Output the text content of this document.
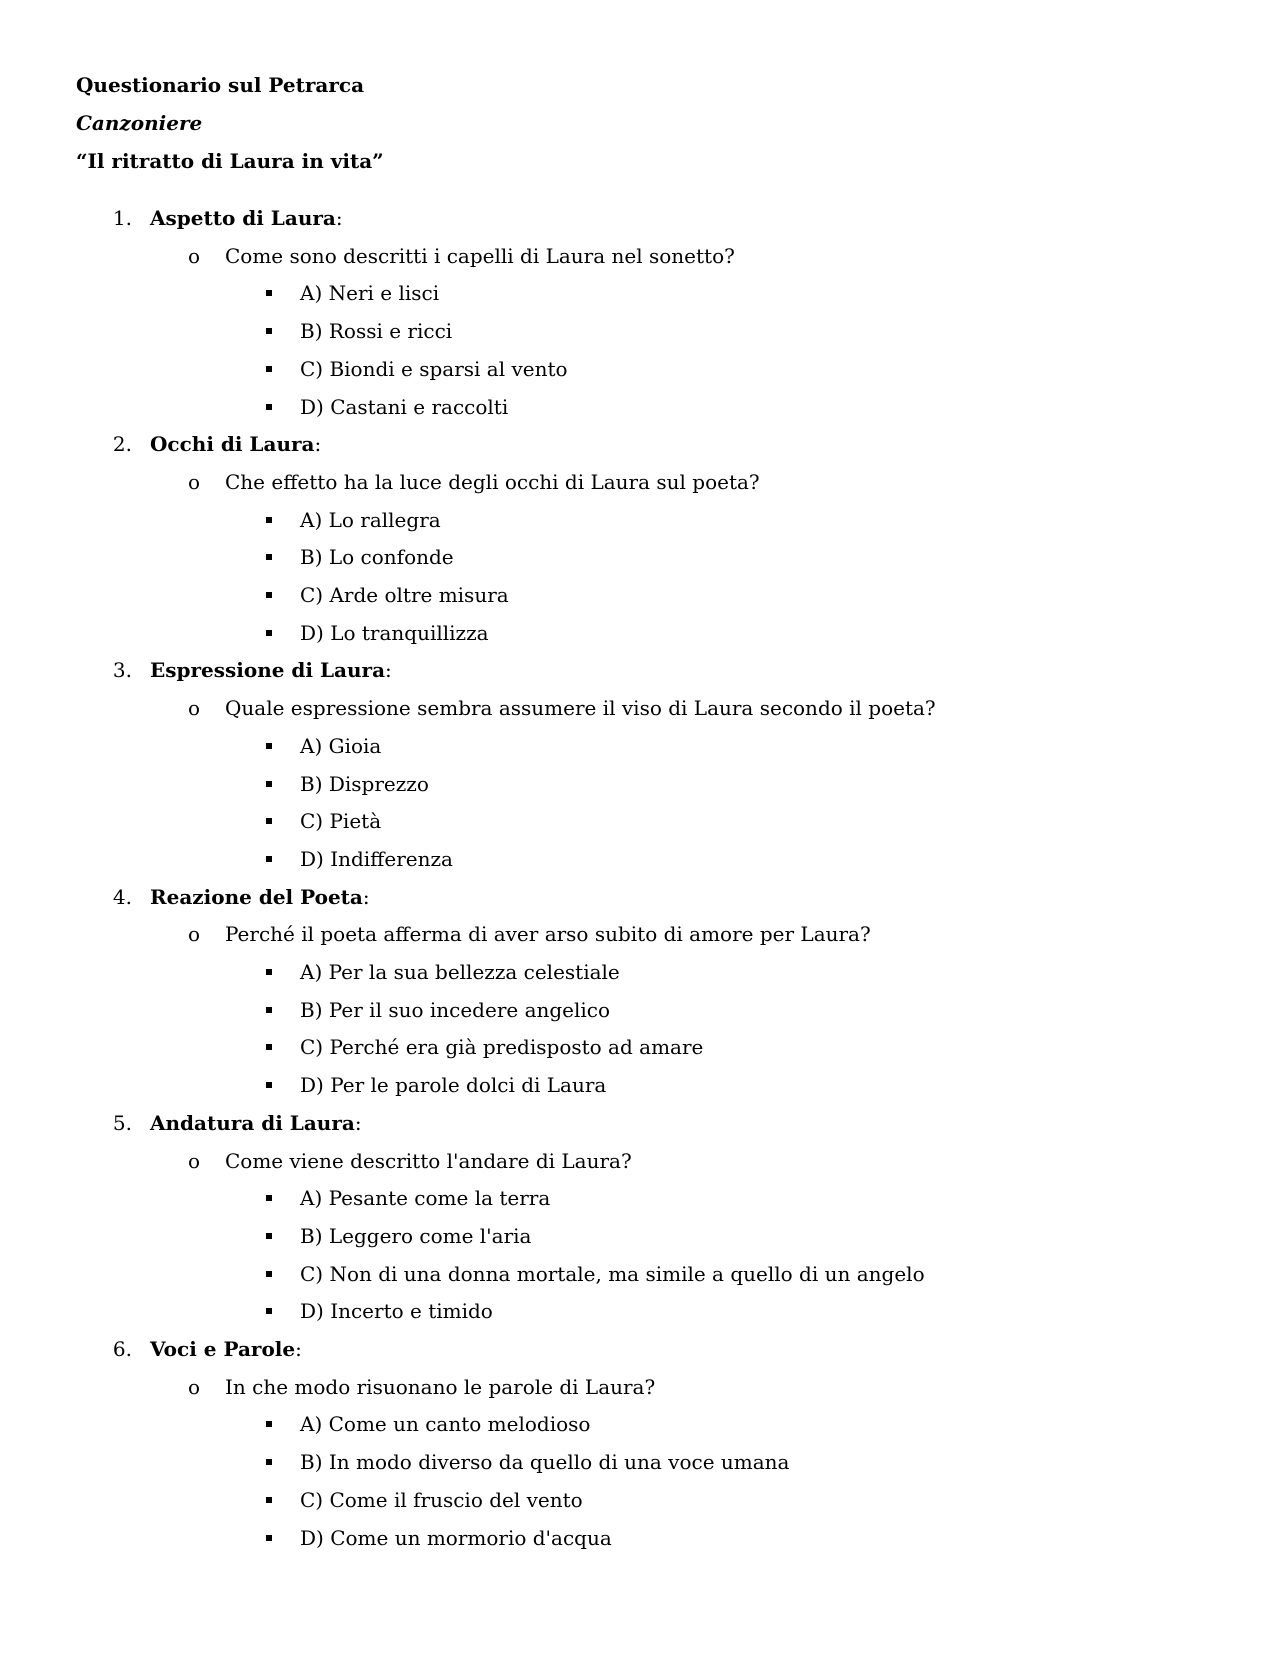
Questionario sul Petrarca
Canzoniere
“Il ritratto di Laura in vita”
1. Aspetto di Laura:
o Come sono descritti i capelli di Laura nel sonetto?
A) Neri e lisci
B) Rossi e ricci
C) Biondi e sparsi al vento
D) Castani e raccolti
2. Occhi di Laura:
o Che effetto ha la luce degli occhi di Laura sul poeta?
A) Lo rallegra
B) Lo confonde
C) Arde oltre misura
D) Lo tranquillizza
3. Espressione di Laura:
o Quale espressione sembra assumere il viso di Laura secondo il poeta?
A) Gioia
B) Disprezzo
C) Pietà
D) Indifferenza
4. Reazione del Poeta:
o Perché il poeta afferma di aver arso subito di amore per Laura?
A) Per la sua bellezza celestiale
B) Per il suo incedere angelico
C) Perché era già predisposto ad amare
D) Per le parole dolci di Laura
5. Andatura di Laura:
o Come viene descritto l'andare di Laura?
A) Pesante come la terra
B) Leggero come l'aria
C) Non di una donna mortale, ma simile a quello di un angelo
D) Incerto e timido
6. Voci e Parole:
o In che modo risuonano le parole di Laura?
A) Come un canto melodioso
B) In modo diverso da quello di una voce umana
C) Come il fruscio del vento
D) Come un mormorio d'acqua
